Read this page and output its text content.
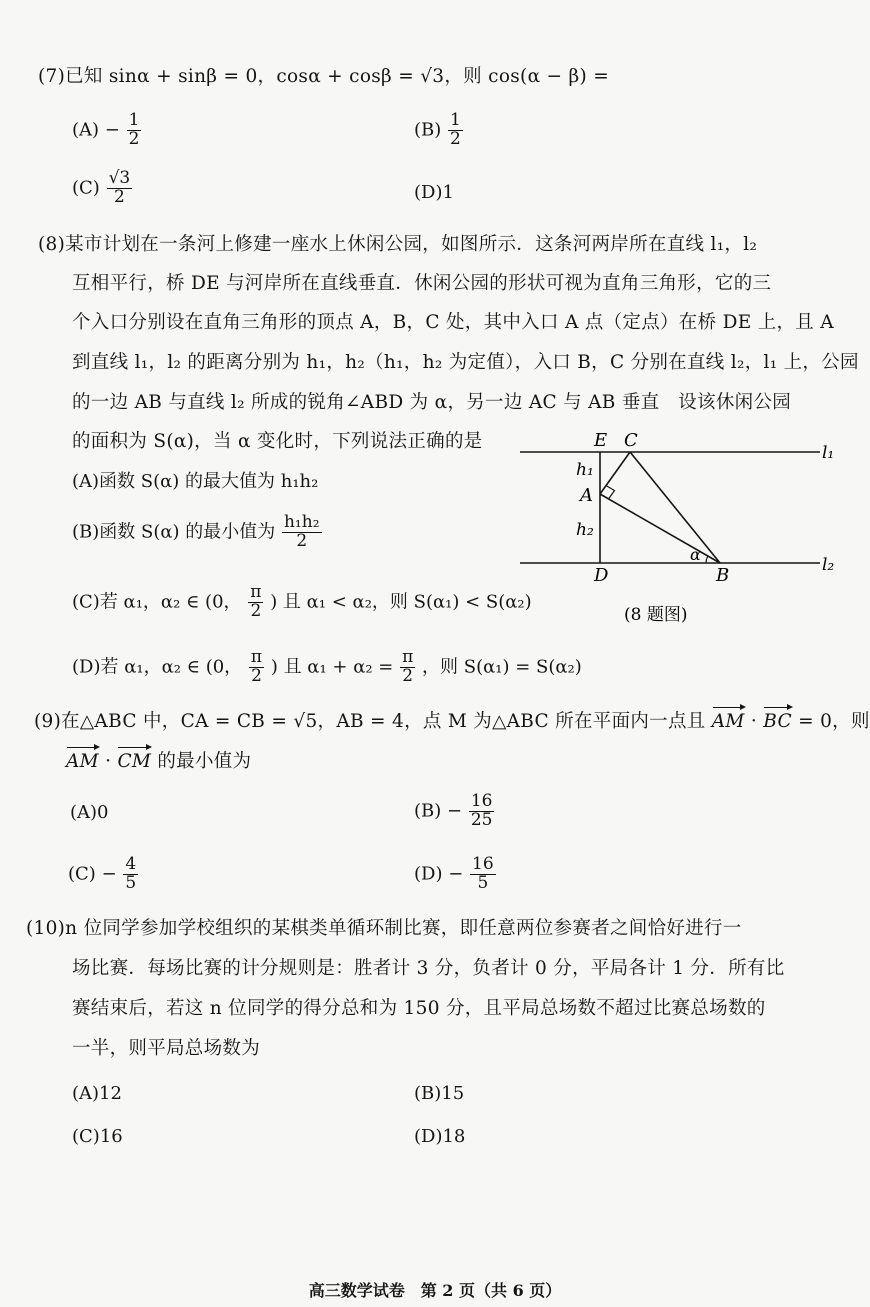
(7)已知 sinα + sinβ = 0，cosα + cosβ = √3，则 cos(α − β) =
$(A) - \frac{1}{2}$	$(B) \frac{1}{2}$
$(C) \frac{√3}{2}$	(D)1
(8)某市计划在一条河上修建一座水上休闲公园，如图所示．这条河两岸所在直线 l₁，l₂
互相平行，桥 DE 与河岸所在直线垂直．休闲公园的形状可视为直角三角形，它的三
个入口分别设在直角三角形的顶点 A，B，C 处，其中入口 A 点（定点）在桥 DE 上，且 A
到直线 l₁，l₂ 的距离分别为 h₁，h₂（h₁，h₂ 为定值），入口 B，C 分别在直线 l₂，l₁ 上，公园
的一边 AB 与直线 l₂ 所成的锐角∠ABD 为 α，另一边 AC 与 AB 垂直　设该休闲公园
的面积为 S(α)，当 α 变化时，下列说法正确的是
(A)函数 S(α) 的最大值为 h₁h₂
(B)函数 S(α) 的最小值为 $\frac{\text{h₁h₂}}{2}$
(C)若 α₁，α₂ ∈ (0， $\frac{\pi}{2}$ ) 且 α₁ < α₂，则 S(α₁) < S(α₂)
(D)若 α₁，α₂ ∈ (0， $\frac{\pi}{2}$ ) 且 $\alpha_1 + \alpha_2 = \frac{\pi}{2}$ ，则 S(α₁) = S(α₂)
E C
h₁
A
h₂
α
D	B
l₁
l₂
(8 题图)
(9)在△ABC 中，CA = CB = √5，AB = 4，点 M 为△ABC 所在平面内一点且 AM · BC = 0，则
AM · CM 的最小值为
(A)0	$(B) - \frac{16}{25}$
$(C) - \frac{4}{5}$	$(D) - \frac{16}{5}$
(10)n 位同学参加学校组织的某棋类单循环制比赛，即任意两位参赛者之间恰好进行一
场比赛．每场比赛的计分规则是：胜者计 3 分，负者计 0 分，平局各计 1 分．所有比
赛结束后，若这 n 位同学的得分总和为 150 分，且平局总场数不超过比赛总场数的
一半，则平局总场数为
(A)12	(B)15
(C)16	(D)18
高三数学试卷　第 2 页（共 6 页）
